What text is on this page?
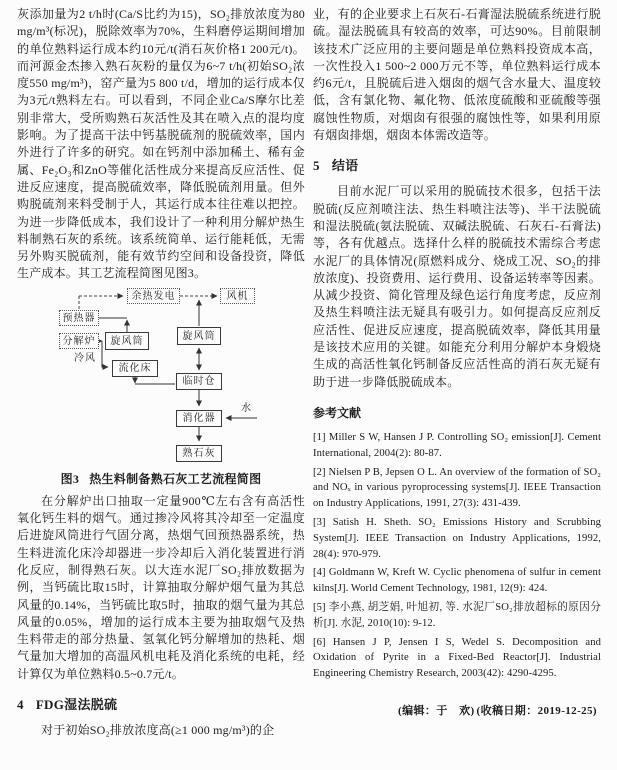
灰添加量为2 t/h时(Ca/S比约为15)，SO₂排放浓度为80 mg/m³(标况)，脱除效率为70%，生料磨停运期间增加的单位熟料运行成本约10元/t(消石灰价格1 200元/t)。而河源金杰掺入熟石灰粉的量仅为6~7 t/h(初始SO₂浓度550 mg/m³)，窑产量为5 800 t/d，增加的运行成本仅为3元/t熟料左右。可以看到，不同企业Ca/S摩尔比差别非常大，受所购熟石灰活性及其在喷入点的混均度影响。为了提高干法中钙基脱硫剂的脱硫效率，国内外进行了许多的研究。如在钙剂中添加稀土、稀有金属、Fe₂O₃和ZnO等催化活性成分来提高反应活性、促进反应速度，提高脱硫效率，降低脱硫剂用量。但外购脱硫剂来料受制于人，其运行成本往往难以把控。为进一步降低成本，我们设计了一种利用分解炉热生料制熟石灰的系统。该系统简单、运行能耗低，无需另外购买脱硫剂，能有效节约空间和设备投资，降低生产成本。其工艺流程简图见图3。

余热发电	风机
预热器
分解炉
冷风
旋风筒
流化床
旋风筒
临时仓
消化器
水
熟石灰
图3 热生料制备熟石灰工艺流程简图

在分解炉出口抽取一定量900℃左右含有高活性氧化钙生料的烟气。通过掺冷风将其冷却至一定温度后进旋风筒进行气固分离，热烟气回预热器系统，热生料进流化床冷却器进一步冷却后入消化装置进行消化反应，制得熟石灰。以大连水泥厂SO₂排放数据为例，当钙硫比取15时，计算抽取分解炉烟气量为其总风量的0.14%，当钙硫比取5时，抽取的烟气量为其总风量的0.05%，增加的运行成本主要为抽取烟气及热生料带走的部分热量、氢氧化钙分解增加的热耗、烟气量加大增加的高温风机电耗及消化系统的电耗，经计算仅为单位熟料0.5~0.7元/t。

4 FDG湿法脱硫

对于初始SO₂排放浓度高(≥1 000 mg/m³)的企

业，有的企业要求上石灰石-石膏湿法脱硫系统进行脱硫。湿法脱硫具有较高的效率，可达90%。目前限制该技术广泛应用的主要问题是单位熟料投资成本高，一次性投入1 500~2 000万元不等，单位熟料运行成本约6元/t，且脱硫后进入烟囱的烟气含水量大、温度较低，含有氯化物、氟化物、低浓度硫酸和亚硫酸等强腐蚀性物质，对烟囱有很强的腐蚀性等，如果利用原有烟囱排烟，烟囱本体需改造等。

5 结语

目前水泥厂可以采用的脱硫技术很多，包括干法脱硫(反应剂喷注法、热生料喷注法等)、半干法脱硫和湿法脱硫(氨法脱硫、双碱法脱硫、石灰石-石膏法)等，各有优越点。选择什么样的脱硫技术需综合考虑水泥厂的具体情况(原燃料成分、烧成工况、SO₂的排放浓度)、投资费用、运行费用、设备运转率等因素。从减少投资、简化管理及绿色运行角度考虑，反应剂及热生料喷注法无疑具有吸引力。如何提高反应剂反应活性、促进反应速度，提高脱硫效率，降低其用量是该技术应用的关键。如能充分利用分解炉本身煅烧生成的高活性氧化钙制备反应活性高的消石灰无疑有助于进一步降低脱硫成本。

参考文献

[1] Miller S W, Hansen J P. Controlling SO₂ emission[J]. Cement International, 2004(2): 80-87.

[2] Nielsen P B, Jepsen O L. An overview of the formation of SO₂ and NOₓ in various pyroprocessing systems[J]. IEEE Transaction on Industry Applications, 1991, 27(3): 431-439.

[3] Satish H. Sheth. SO₂ Emissions History and Scrubbing System[J]. IEEE Transaction on Industry Applications, 1992, 28(4): 970-979.

[4] Goldmann W, Kreft W. Cyclic phenomena of sulfur in cement kilns[J]. World Cement Technology, 1981, 12(9): 424.

[5] 李小燕, 胡芝娟, 叶旭初, 等. 水泥厂SO₂排放超标的原因分析[J]. 水泥, 2010(10): 9-12.

[6] Hansen J P, Jensen I S, Wedel S. Decomposition and Oxidation of Pyrite in a Fixed-Bed Reactor[J]. Industrial Engineering Chemistry Research, 2003(42): 4290-4295.

(编辑：于　欢) (收稿日期：2019-12-25)
